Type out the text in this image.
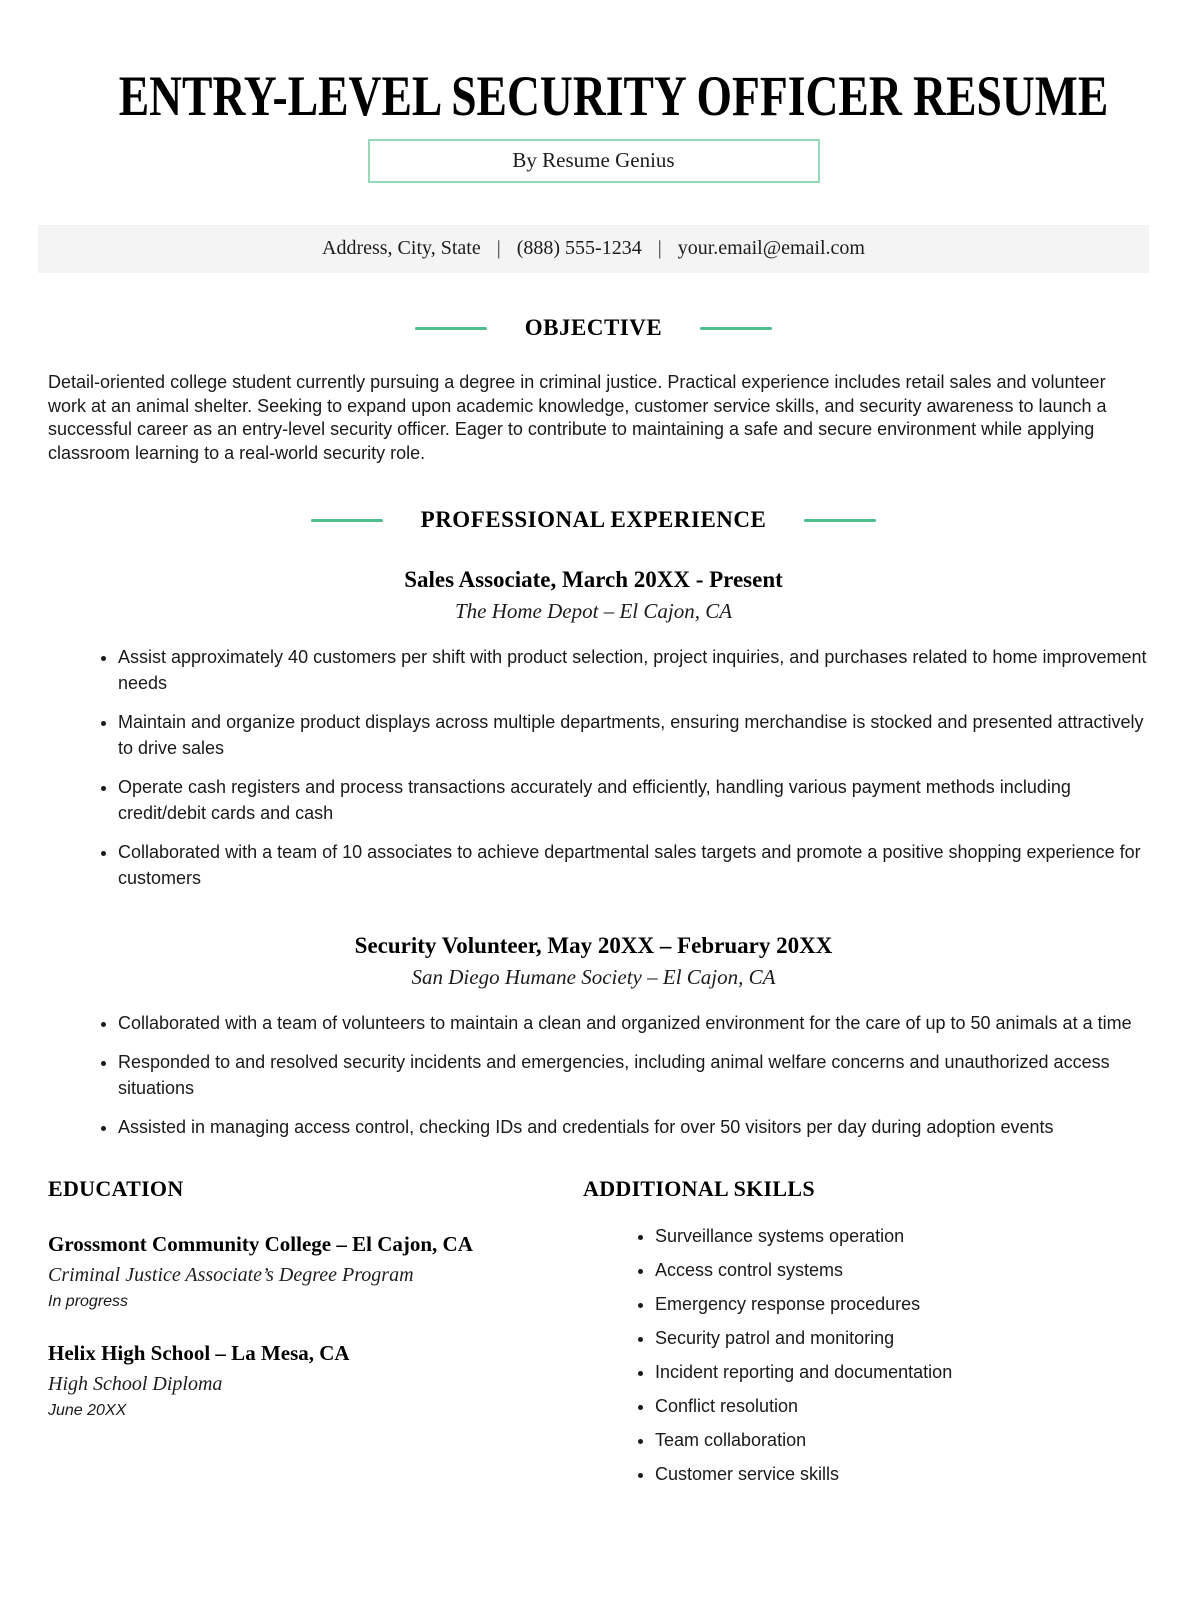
ENTRY-LEVEL SECURITY OFFICER RESUME
By Resume Genius
Address, City, State | (888) 555-1234 | your.email@email.com
OBJECTIVE

Detail-oriented college student currently pursuing a degree in criminal justice. Practical experience includes retail sales and volunteer work at an animal shelter. Seeking to expand upon academic knowledge, customer service skills, and security awareness to launch a successful career as an entry-level security officer. Eager to contribute to maintaining a safe and secure environment while applying classroom learning to a real-world security role.

PROFESSIONAL EXPERIENCE
Sales Associate, March 20XX - Present
The Home Depot – El Cajon, CA
• Assist approximately 40 customers per shift with product selection, project inquiries, and purchases related to home improvement needs
• Maintain and organize product displays across multiple departments, ensuring merchandise is stocked and presented attractively to drive sales
• Operate cash registers and process transactions accurately and efficiently, handling various payment methods including credit/debit cards and cash
• Collaborated with a team of 10 associates to achieve departmental sales targets and promote a positive shopping experience for customers
Security Volunteer, May 20XX – February 20XX
San Diego Humane Society – El Cajon, CA
• Collaborated with a team of volunteers to maintain a clean and organized environment for the care of up to 50 animals at a time
• Responded to and resolved security incidents and emergencies, including animal welfare concerns and unauthorized access situations
• Assisted in managing access control, checking IDs and credentials for over 50 visitors per day during adoption events
EDUCATION
Grossmont Community College – El Cajon, CA
Criminal Justice Associate’s Degree Program
In progress
Helix High School – La Mesa, CA
High School Diploma
June 20XX
ADDITIONAL SKILLS
• Surveillance systems operation
• Access control systems
• Emergency response procedures
• Security patrol and monitoring
• Incident reporting and documentation
• Conflict resolution
• Team collaboration
• Customer service skills
